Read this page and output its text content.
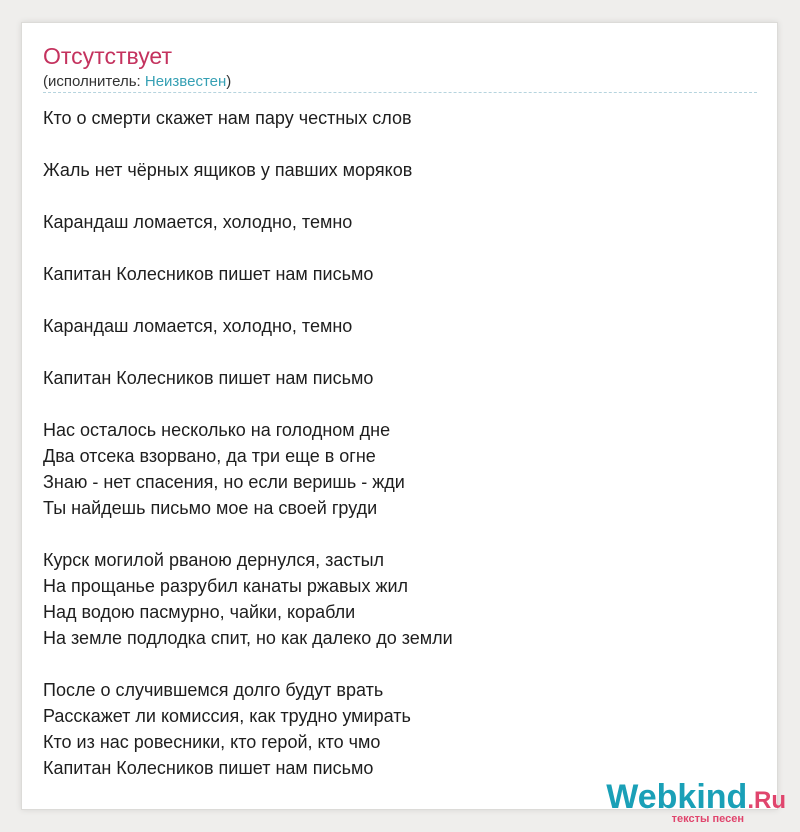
Отсутствует
(исполнитель: Неизвестен)
Кто о смерти скажет нам пару честных слов
Жаль нет чёрных ящиков у павших моряков
Карандаш ломается, холодно, темно
Капитан Колесников пишет нам письмо
Карандаш ломается, холодно, темно
Капитан Колесников пишет нам письмо
Нас осталось несколько на голодном дне
Два отсека взорвано, да три еще в огне
Знаю - нет спасения, но если веришь - жди
Ты найдешь письмо мое на своей груди
Курск могилой рваною дернулся, застыл
На прощанье разрубил канаты ржавых жил
Над водою пасмурно, чайки, корабли
На земле подлодка спит, но как далеко до земли
После о случившемся долго будут врать
Расскажет ли комиссия, как трудно умирать
Кто из нас ровесники, кто герой, кто чмо
Капитан Колесников пишет нам письмо
Webkind.Ru
тексты песен
